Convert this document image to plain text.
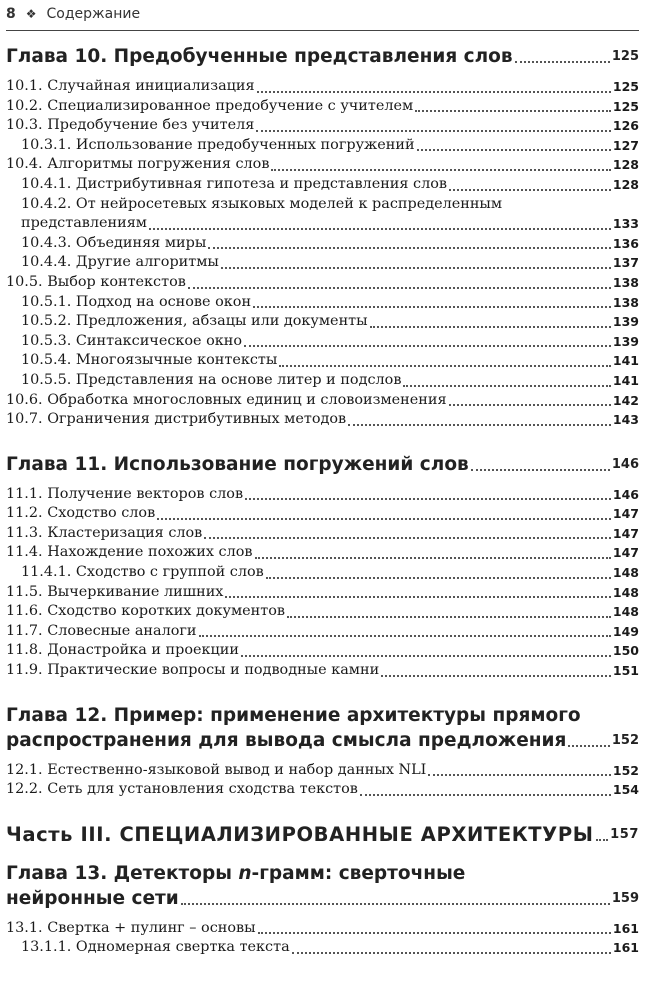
8 ❖ Содержание
Глава 10. Предобученные представления слов	125
10.1. Случайная инициализация	125
10.2. Специализированное предобучение с учителем	125
10.3. Предобучение без учителя	126
10.3.1. Использование предобученных погружений	127
10.4. Алгоритмы погружения слов	128
10.4.1. Дистрибутивная гипотеза и представления слов	128
10.4.2. От нейросетевых языковых моделей к распределенным
представлениям	133
10.4.3. Объединяя миры	136
10.4.4. Другие алгоритмы	137
10.5. Выбор контекстов	138
10.5.1. Подход на основе окон	138
10.5.2. Предложения, абзацы или документы	139
10.5.3. Синтаксическое окно	139
10.5.4. Многоязычные контексты	141
10.5.5. Представления на основе литер и подслов	141
10.6. Обработка многословных единиц и словоизменения	142
10.7. Ограничения дистрибутивных методов	143
Глава 11. Использование погружений слов	146
11.1. Получение векторов слов	146
11.2. Сходство слов	147
11.3. Кластеризация слов	147
11.4. Нахождение похожих слов	147
11.4.1. Сходство с группой слов	148
11.5. Вычеркивание лишних	148
11.6. Сходство коротких документов	148
11.7. Словесные аналоги	149
11.8. Донастройка и проекции	150
11.9. Практические вопросы и подводные камни	151
Глава 12. Пример: применение архитектуры прямого
распространения для вывода смысла предложения	152
12.1. Естественно-языковой вывод и набор данных NLI	152
12.2. Сеть для установления сходства текстов	154
Часть III. СПЕЦИАЛИЗИРОВАННЫЕ АРХИТЕКТУРЫ 157
Глава 13. Детекторы n-грамм: сверточные
нейронные сети	159
13.1. Свертка + пулинг – основы	161
13.1.1. Одномерная свертка текста	161
